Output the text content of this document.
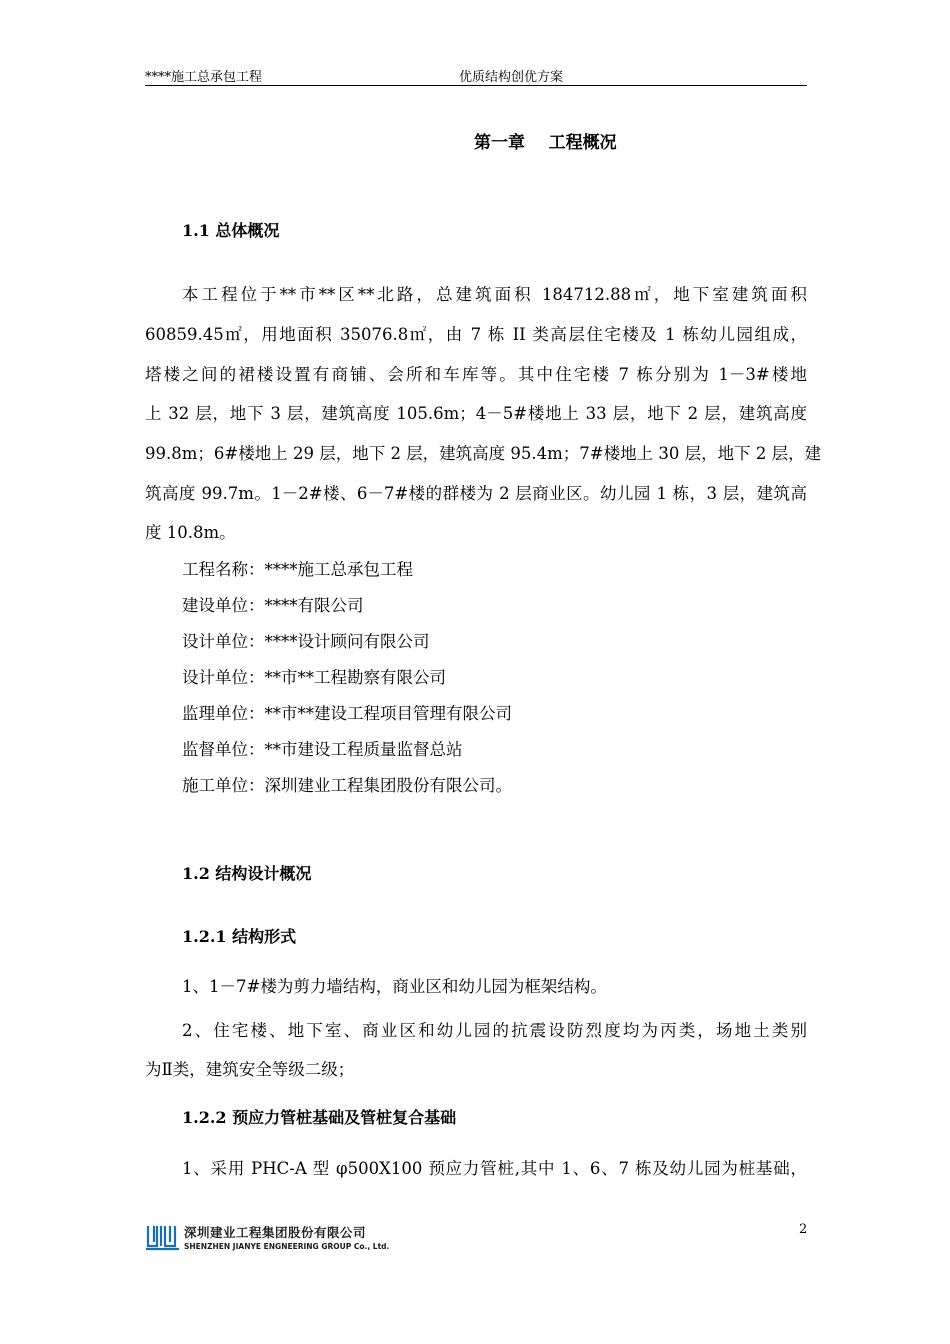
****施工总承包工程	优质结构创优方案
第一章    工程概况
1.1 总体概况
本工程位于**市**区**北路，总建筑面积 184712.88㎡，地下室建筑面积
60859.45㎡，用地面积 35076.8㎡，由 7 栋 II 类高层住宅楼及 1 栋幼儿园组成，
塔楼之间的裙楼设置有商铺、会所和车库等。其中住宅楼 7 栋分别为 1－3#楼地
上 32 层，地下 3 层，建筑高度 105.6m；4－5#楼地上 33 层，地下 2 层，建筑高度
99.8m；6#楼地上 29 层，地下 2 层，建筑高度 95.4m；7#楼地上 30 层，地下 2 层，建
筑高度 99.7m。1－2#楼、6－7#楼的群楼为 2 层商业区。幼儿园 1 栋，3 层，建筑高
度 10.8m。
工程名称：****施工总承包工程
建设单位：****有限公司
设计单位：****设计顾问有限公司
设计单位：**市**工程勘察有限公司
监理单位：**市**建设工程项目管理有限公司
监督单位：**市建设工程质量监督总站
施工单位：深圳建业工程集团股份有限公司。
1.2 结构设计概况
1.2.1 结构形式
1、1－7#楼为剪力墙结构，商业区和幼儿园为框架结构。
2、住宅楼、地下室、商业区和幼儿园的抗震设防烈度均为丙类，场地土类别
为Ⅱ类，建筑安全等级二级；
1.2.2 预应力管桩基础及管桩复合基础
1、采用 PHC-A 型 φ500X100 预应力管桩,其中 1、6、7 栋及幼儿园为桩基础，
深圳建业工程集团股份有限公司
SHENZHEN JIANYE ENGNEERING GROUP Co., Ltd.
2
